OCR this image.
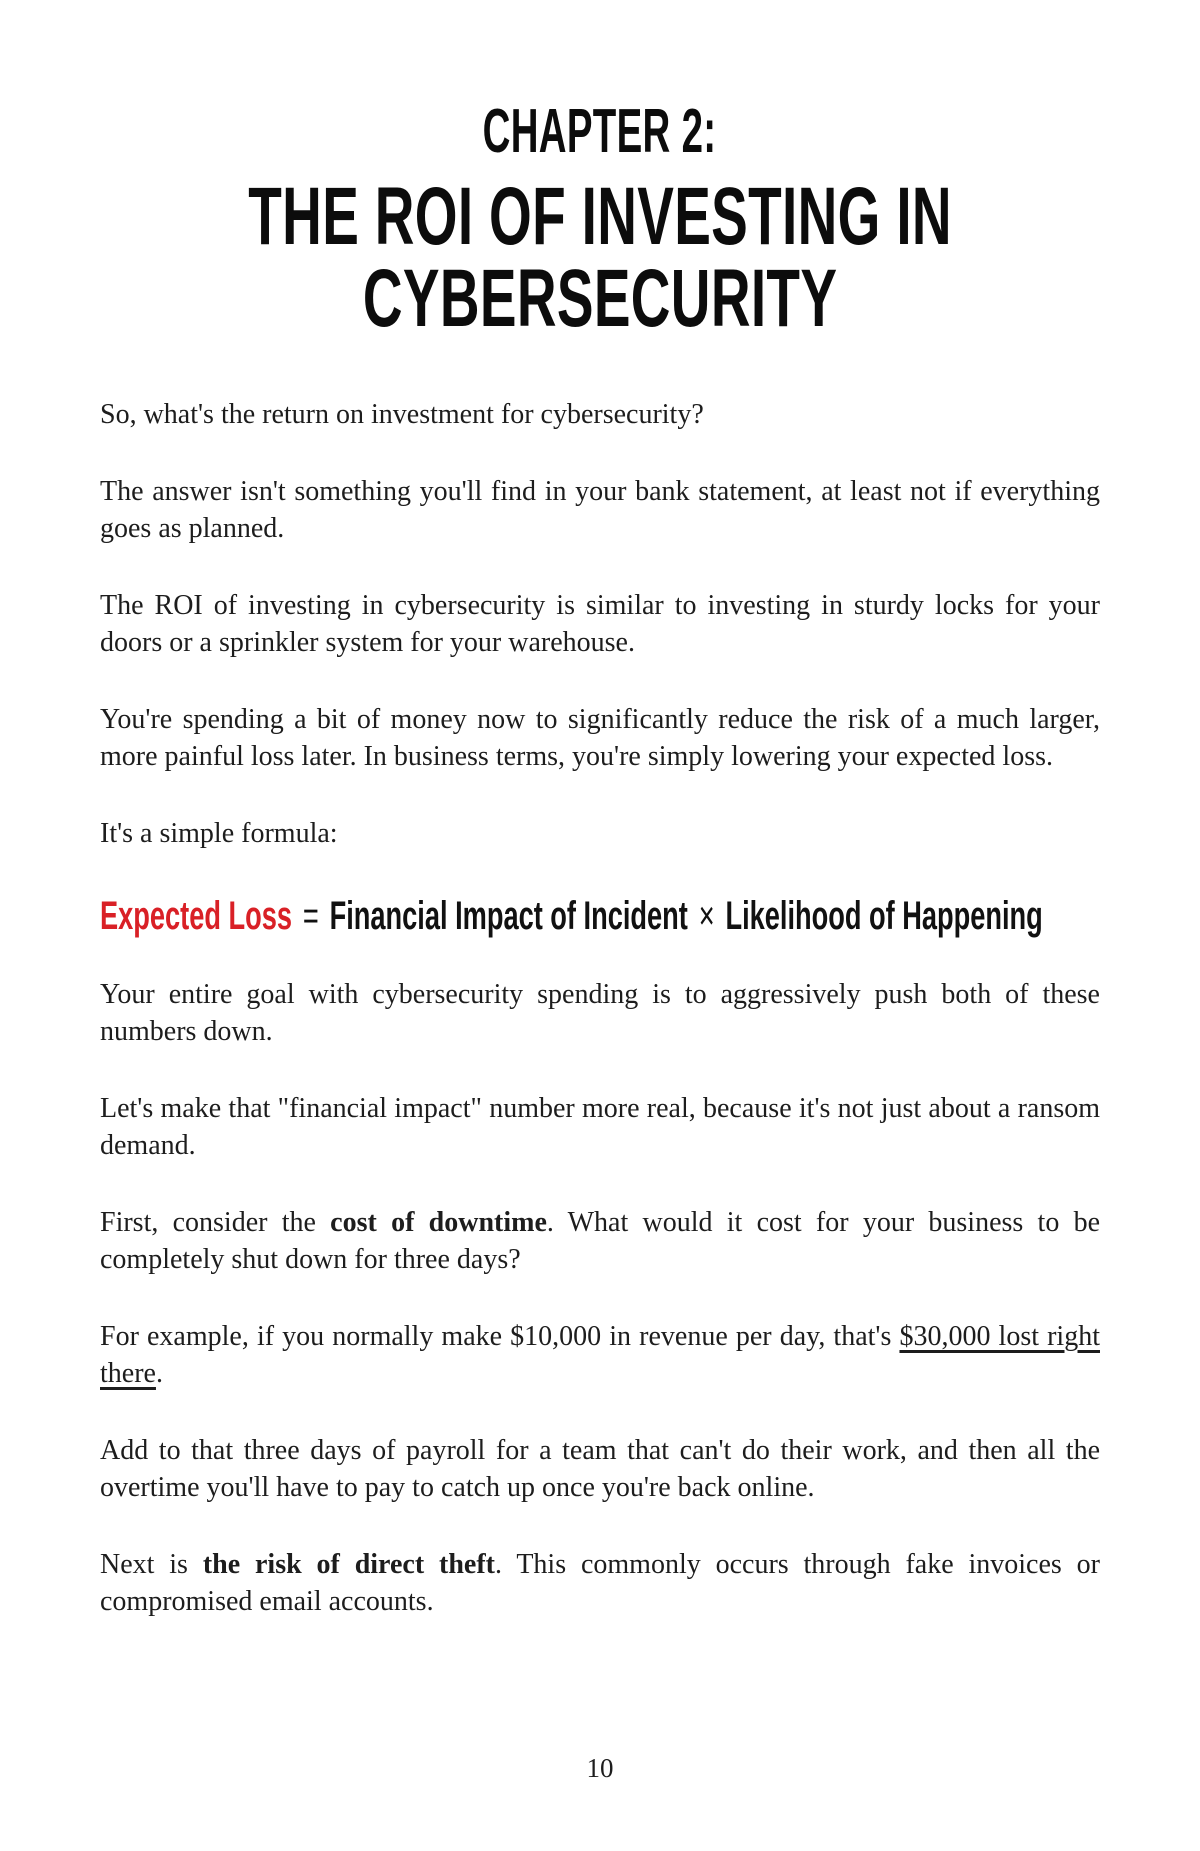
CHAPTER 2:
THE ROI OF INVESTING IN
CYBERSECURITY

So, what's the return on investment for cybersecurity?

The answer isn't something you'll find in your bank statement, at least not if everything goes as planned.

The ROI of investing in cybersecurity is similar to investing in sturdy locks for your doors or a sprinkler system for your warehouse.

You're spending a bit of money now to significantly reduce the risk of a much larger, more painful loss later. In business terms, you're simply lowering your expected loss.

It's a simple formula:

Expected Loss = Financial Impact of Incident × Likelihood of Happening

Your entire goal with cybersecurity spending is to aggressively push both of these numbers down.

Let's make that "financial impact" number more real, because it's not just about a ransom demand.

First, consider the cost of downtime. What would it cost for your business to be completely shut down for three days?

For example, if you normally make $10,000 in revenue per day, that's $30,000 lost right there.

Add to that three days of payroll for a team that can't do their work, and then all the overtime you'll have to pay to catch up once you're back online.

Next is the risk of direct theft. This commonly occurs through fake invoices or compromised email accounts.

10
